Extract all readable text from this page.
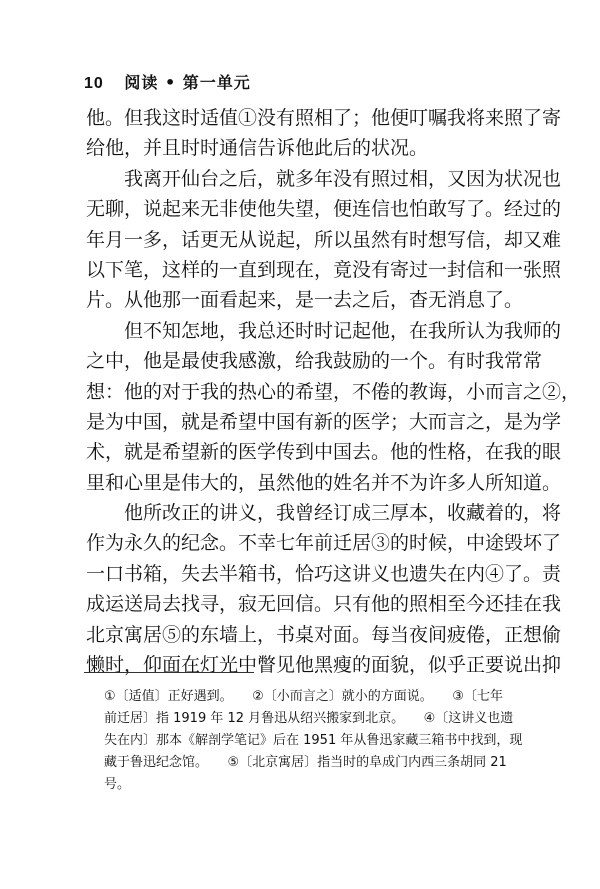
10 阅读 • 第一单元
他。但我这时适值①没有照相了；他便叮嘱我将来照了寄
给他，并且时时通信告诉他此后的状况。
我离开仙台之后，就多年没有照过相，又因为状况也
无聊，说起来无非使他失望，便连信也怕敢写了。经过的
年月一多，话更无从说起，所以虽然有时想写信，却又难
以下笔，这样的一直到现在，竟没有寄过一封信和一张照
片。从他那一面看起来，是一去之后，杳无消息了。
但不知怎地，我总还时时记起他，在我所认为我师的
之中，他是最使我感激，给我鼓励的一个。有时我常常
想：他的对于我的热心的希望，不倦的教诲，小而言之②，
是为中国，就是希望中国有新的医学；大而言之，是为学
术，就是希望新的医学传到中国去。他的性格，在我的眼
里和心里是伟大的，虽然他的姓名并不为许多人所知道。
他所改正的讲义，我曾经订成三厚本，收藏着的，将
作为永久的纪念。不幸七年前迁居③的时候，中途毁坏了
一口书箱，失去半箱书，恰巧这讲义也遗失在内④了。责
成运送局去找寻，寂无回信。只有他的照相至今还挂在我
北京寓居⑤的东墙上，书桌对面。每当夜间疲倦，正想偷
懒时，仰面在灯光中瞥见他黑瘦的面貌，似乎正要说出抑
①〔适值〕正好遇到。　　②〔小而言之〕就小的方面说。　　③〔七年
前迁居〕指 1919 年 12 月鲁迅从绍兴搬家到北京。　　④〔这讲义也遗
失在内〕那本《解剖学笔记》后在 1951 年从鲁迅家藏三箱书中找到，现
藏于鲁迅纪念馆。　　⑤〔北京寓居〕指当时的阜成门内西三条胡同 21
号。
